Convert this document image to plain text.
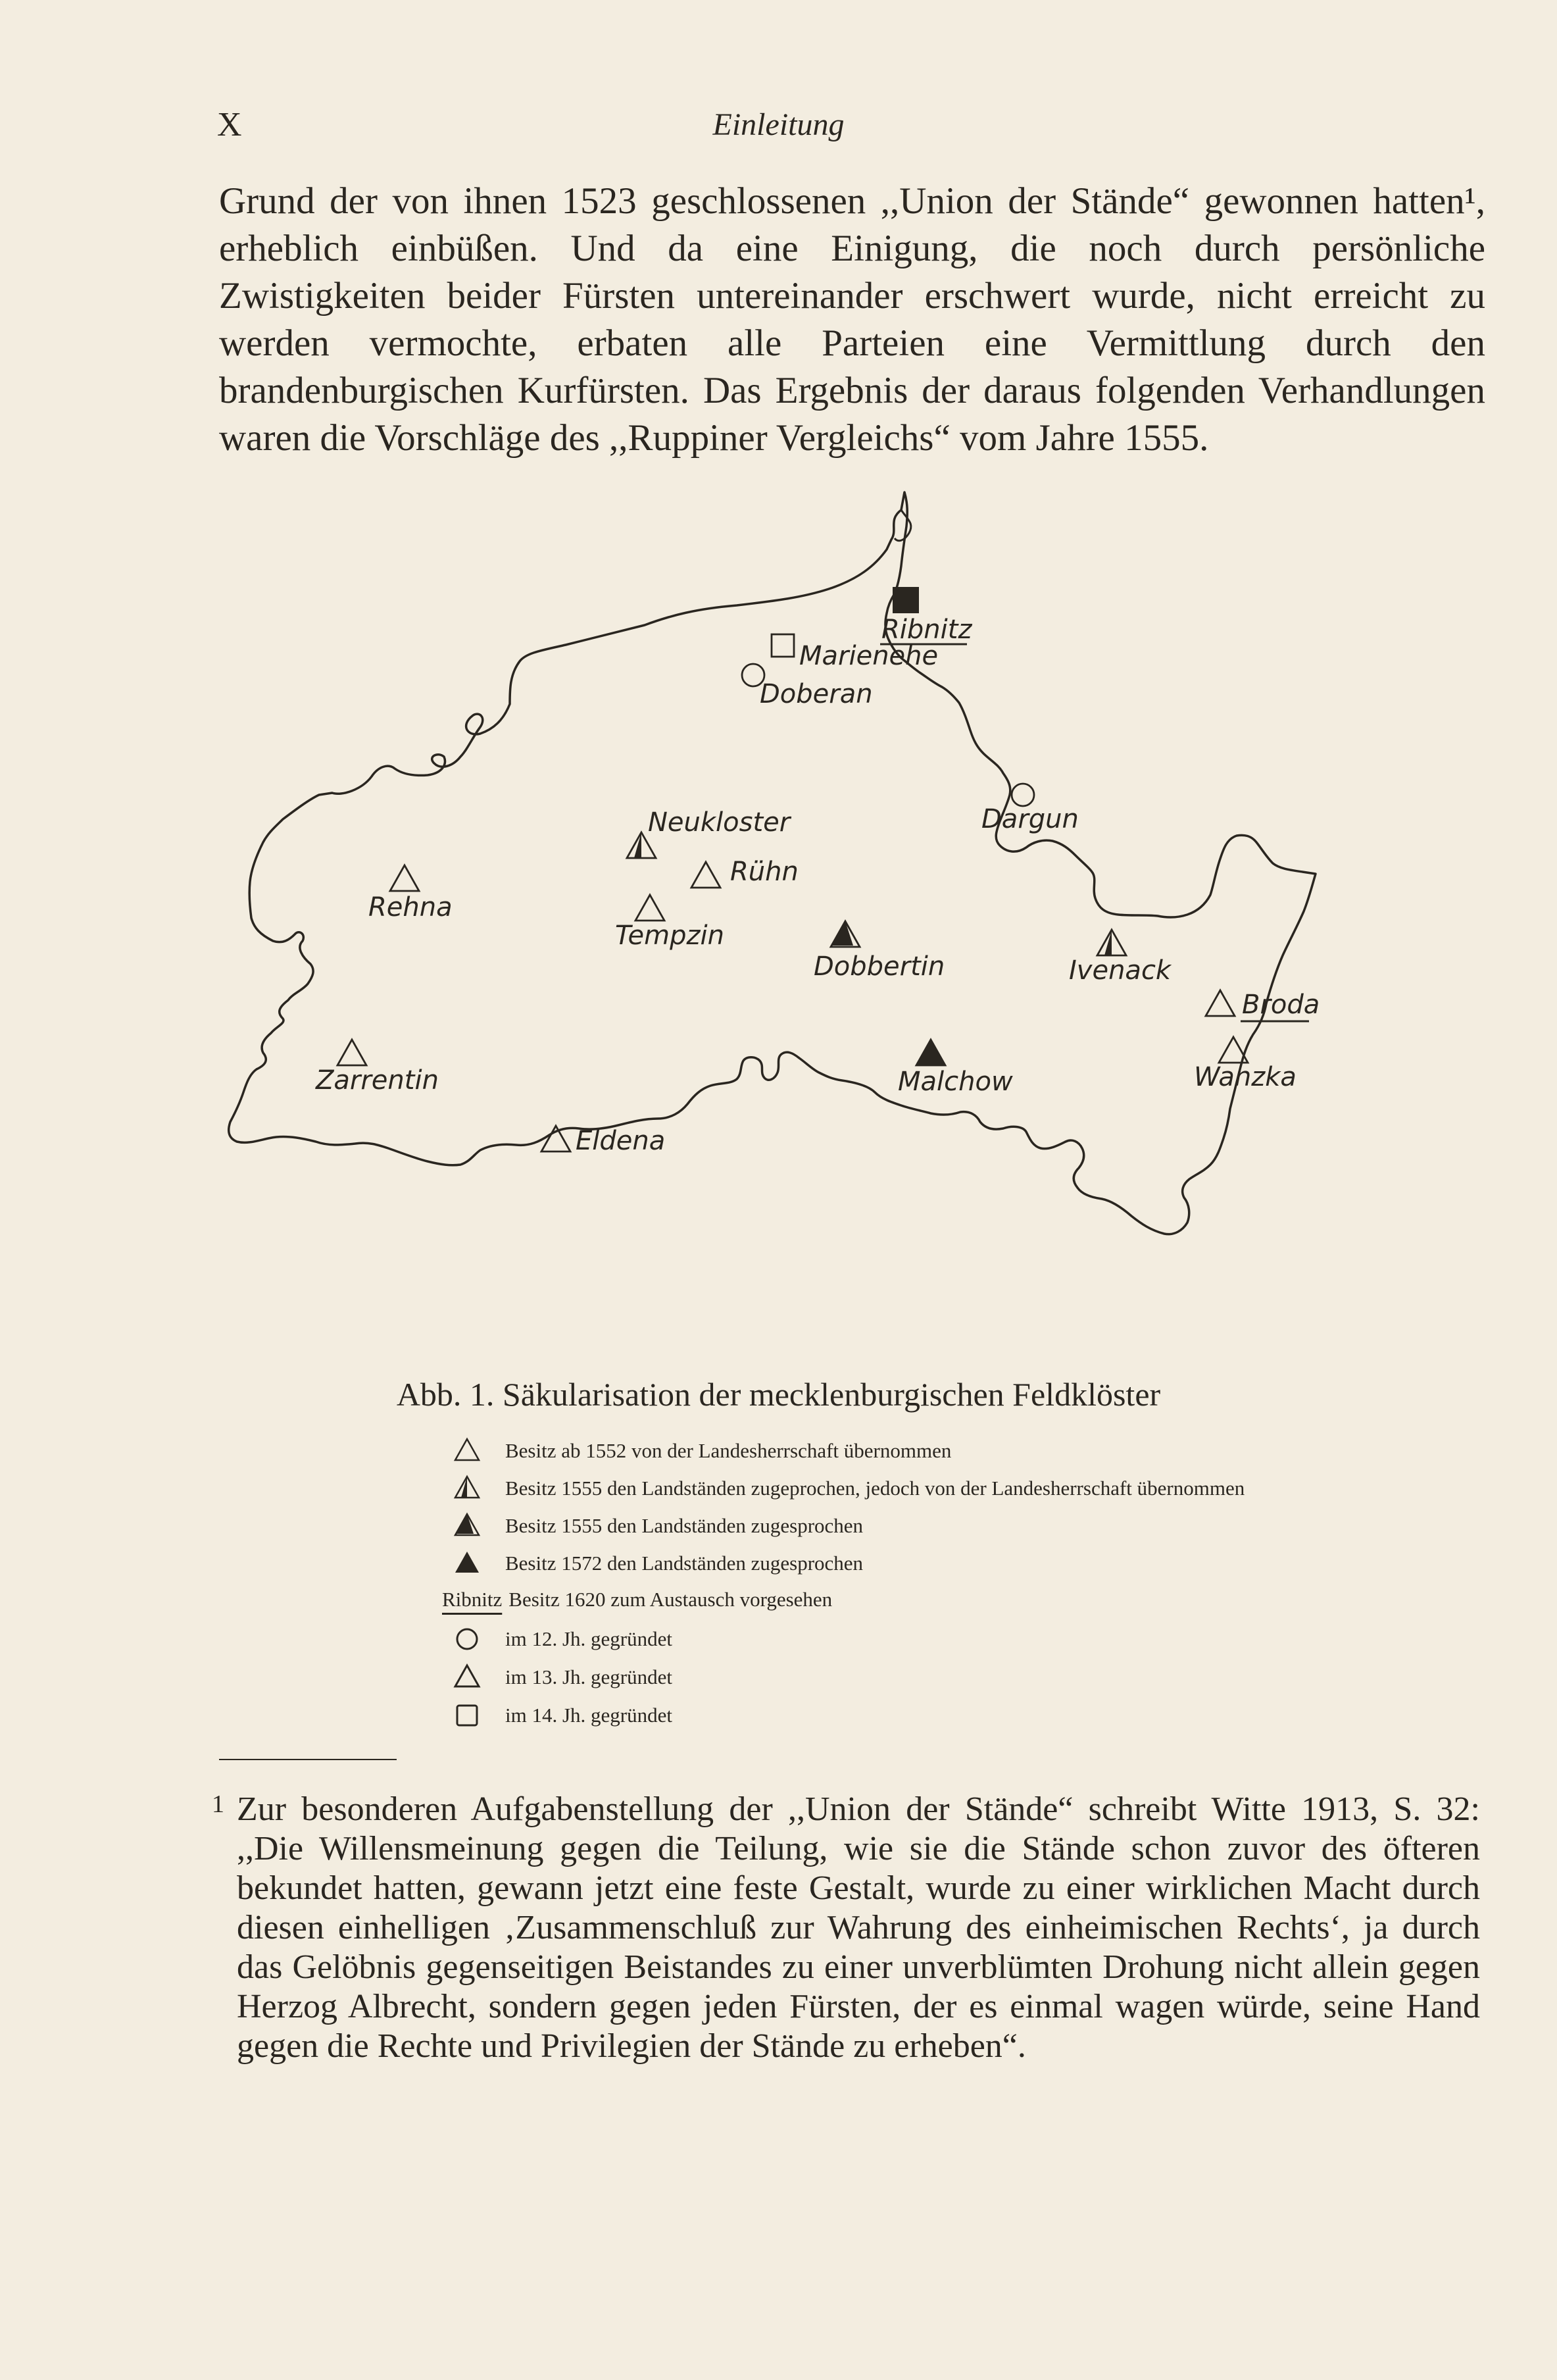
X	Einleitung

Grund der von ihnen 1523 geschlossenen ,,Union der Stände“ gewonnen hatten¹, erheblich einbüßen. Und da eine Einigung, die noch durch persönliche Zwistigkeiten beider Fürsten untereinander erschwert wurde, nicht erreicht zu werden vermochte, erbaten alle Parteien eine Vermittlung durch den brandenburgischen Kurfürsten. Das Ergebnis der daraus folgenden Verhandlungen waren die Vorschläge des ,,Ruppiner Vergleichs“ vom Jahre 1555.

Ribnitz
Marienehe
Doberan
Dargun
Neukloster
Rühn
Rehna
Tempzin
Dobbertin	Ivenack
Broda
Wanzka
Zarrentin	Malchow
Eldena
Abb. 1. Säkularisation der mecklenburgischen Feldklöster
Besitz ab 1552 von der Landesherrschaft übernommen
Besitz 1555 den Landständen zugeprochen, jedoch von der Landesherrschaft übernommen
Besitz 1555 den Landständen zugesprochen
Besitz 1572 den Landständen zugesprochen
Ribnitz Besitz 1620 zum Austausch vorgesehen
im 12. Jh. gegründet
im 13. Jh. gegründet
im 14. Jh. gegründet
1 Zur besonderen Aufgabenstellung der ,,Union der Stände“ schreibt Witte 1913, S. 32: ,,Die Willensmeinung gegen die Teilung, wie sie die Stände schon zuvor des öfteren bekundet hatten, gewann jetzt eine feste Gestalt, wurde zu einer wirklichen Macht durch diesen einhelligen ‚Zusammenschluß zur Wahrung des einheimischen Rechts‘, ja durch das Gelöbnis gegenseitigen Beistandes zu einer unverblümten Drohung nicht allein gegen Herzog Albrecht, sondern gegen jeden Fürsten, der es einmal wagen würde, seine Hand gegen die Rechte und Privilegien der Stände zu erheben“.
